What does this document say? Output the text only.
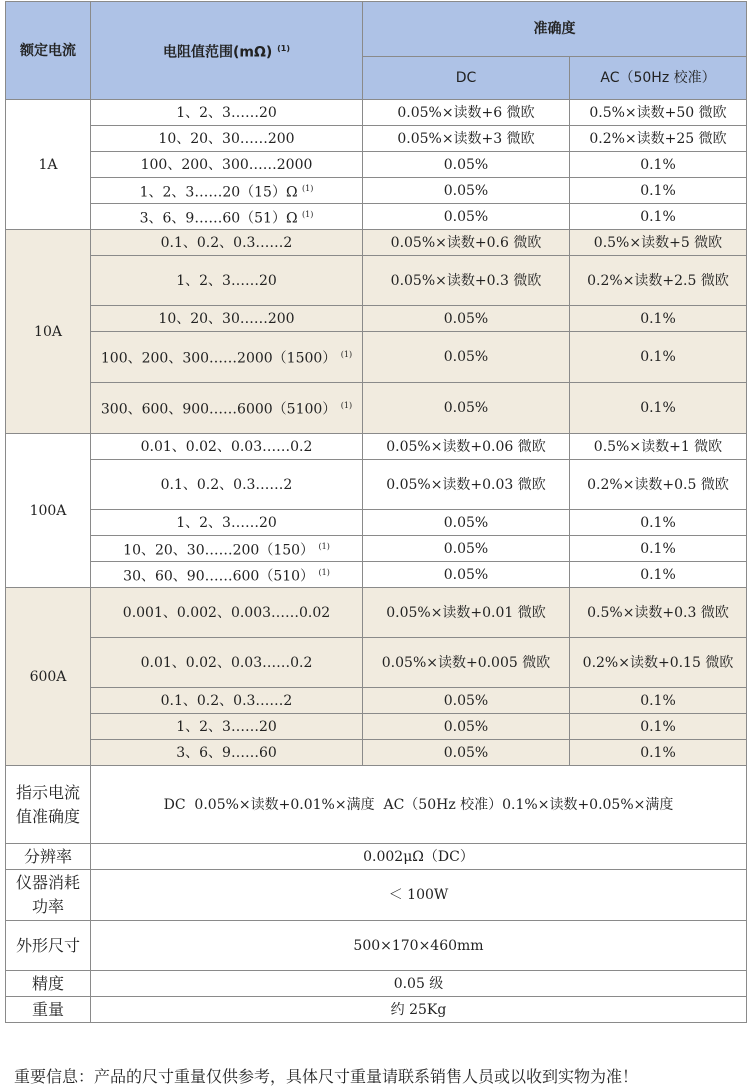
额定电流	电阻值范围(mΩ) $^{(1)}$	准确度	
		DC	AC（50Hz 校准）
1A	1、2、3……20	0.05%×读数+6 微欧	0.5%×读数+50 微欧
	10、20、30……200	0.05%×读数+3 微欧	0.2%×读数+25 微欧
	100、200、300……2000	0.05%	0.1%
	1、2、3……20（15）Ω $^{(1)}$	0.05%	0.1%
	3、6、9……60（51）Ω $^{(1)}$	0.05%	0.1%
10A	0.1、0.2、0.3……2	0.05%×读数+0.6 微欧	0.5%×读数+5 微欧
	1、2、3……20	0.05%×读数+0.3 微欧	0.2%×读数+2.5 微欧
	10、20、30……200	0.05%	0.1%
	100、200、300……2000（1500） $^{(1)}$	0.05%	0.1%
	300、600、900……6000（5100） $^{(1)}$	0.05%	0.1%
100A	0.01、0.02、0.03……0.2	0.05%×读数+0.06 微欧	0.5%×读数+1 微欧
	0.1、0.2、0.3……2	0.05%×读数+0.03 微欧	0.2%×读数+0.5 微欧
	1、2、3……20	0.05%	0.1%
	10、20、30……200（150） $^{(1)}$	0.05%	0.1%
	30、60、90……600（510） $^{(1)}$	0.05%	0.1%
600A	0.001、0.002、0.003……0.02	0.05%×读数+0.01 微欧	0.5%×读数+0.3 微欧
	0.01、0.02、0.03……0.2	0.05%×读数+0.005 微欧	0.2%×读数+0.15 微欧
	0.1、0.2、0.3……2	0.05%	0.1%
	1、2、3……20	0.05%	0.1%
	3、6、9……60	0.05%	0.1%
指示电流值准确度	DC  0.05%×读数+0.01%×满度  AC（50Hz 校准）0.1%×读数+0.05%×满度		
分辨率	0.002μΩ（DC）		
仪器消耗功率	＜ 100W		
外形尺寸	500×170×460mm		
精度	0.05 级		
重量	约 25Kg		
重要信息：产品的尺寸重量仅供参考，具体尺寸重量请联系销售人员或以收到实物为准！
